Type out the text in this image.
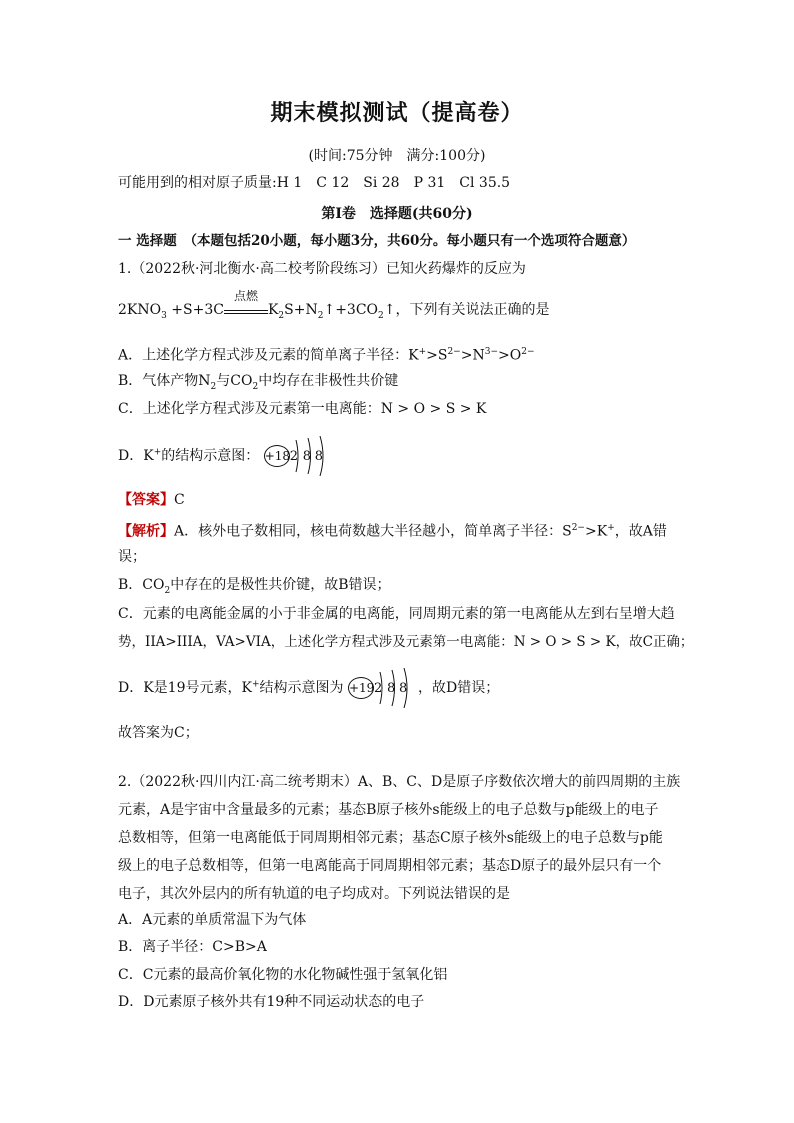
期末模拟测试（提高卷）
(时间:75分钟　满分:100分)
可能用到的相对原子质量:H 1　C 12　Si 28　P 31　Cl 35.5
第Ⅰ卷　选择题(共60分)
一 选择题　（本题包括20小题，每小题3分，共60分。每小题只有一个选项符合题意）
1.（2022秋·河北衡水·高二校考阶段练习）已知火药爆炸的反应为
$2KNO_3 +S+3C$
点燃
$K_2S+N_2↑+3CO_2↑$，下列有关说法正确的是
A．上述化学方程式涉及元素的简单离子半径：$K^+>S^{2-}>N^{3-}>O^{2-}$
B．气体产物$N_2$与$CO_2$中均存在非极性共价键
C．上述化学方程式涉及元素第一电离能：N > O > S > K
D．K+的结构示意图： +18 2 8 8
【答案】C
【解析】A．核外电子数相同，核电荷数越大半径越小，简单离子半径：$S^{2-}>K^+$，故A错
误；
B．$CO_2$中存在的是极性共价键，故B错误；
C．元素的电离能金属的小于非金属的电离能，同周期元素的第一电离能从左到右呈增大趋
势，IIA>IIIA，VA>VIA，上述化学方程式涉及元素第一电离能：N > O > S > K，故C正确；
D．K是19号元素，K+结构示意图为 +19 2 8 8 ，故D错误；
故答案为C；
2.（2022秋·四川内江·高二统考期末）A、B、C、D是原子序数依次增大的前四周期的主族
元素，A是宇宙中含量最多的元素；基态B原子核外s能级上的电子总数与p能级上的电子
总数相等，但第一电离能低于同周期相邻元素；基态C原子核外s能级上的电子总数与p能
级上的电子总数相等，但第一电离能高于同周期相邻元素；基态D原子的最外层只有一个
电子，其次外层内的所有轨道的电子均成对。下列说法错误的是
A．A元素的单质常温下为气体
B．离子半径：C>B>A
C．C元素的最高价氧化物的水化物碱性强于氢氧化铝
D．D元素原子核外共有19种不同运动状态的电子
